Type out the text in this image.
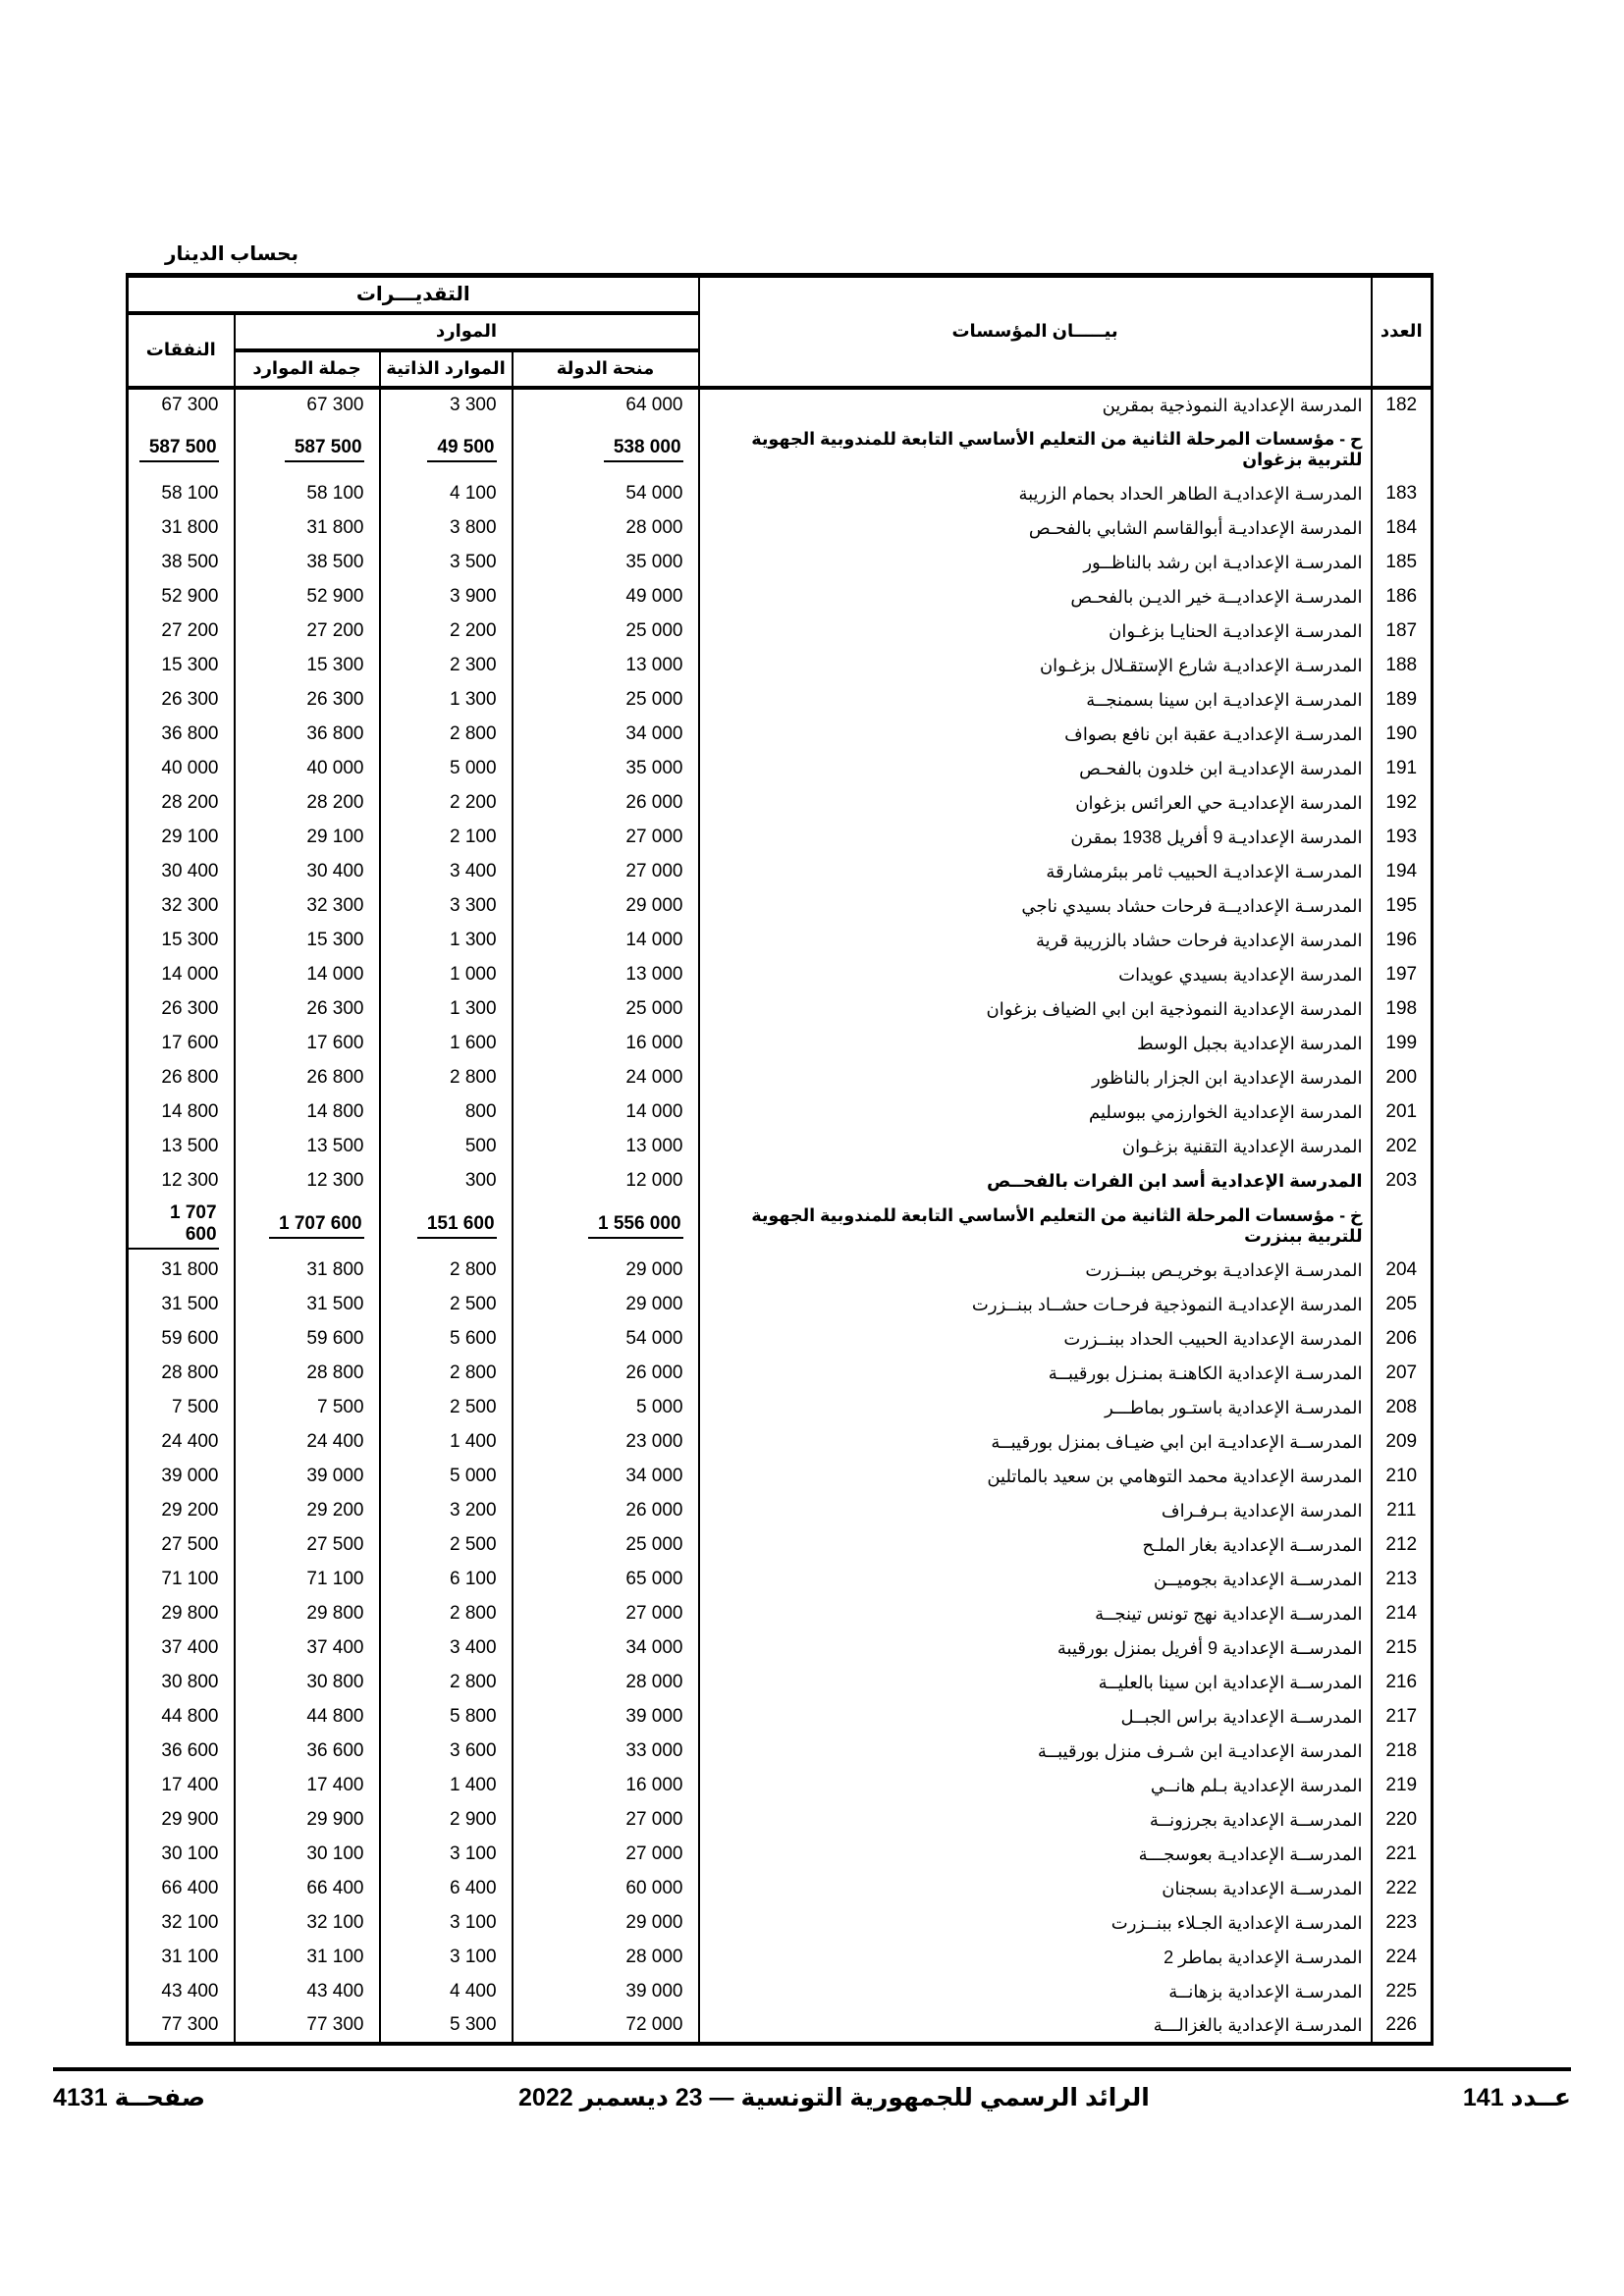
بحساب الدينار
العدد	بيـــــان المؤسسات	التقديـــرات			
		الموارد			النفقات
		منحة الدولة	الموارد الذاتية	جملة الموارد	
182	المدرسة الإعدادية النموذجية بمقرين	64 000	3 300	67 300	67 300
	ح - مؤسسات المرحلة الثانية من التعليم الأساسي التابعة للمندوبية الجهوية للتربية بزغوان	538 000	49 500	587 500	587 500
183	المدرسـة الإعداديـة الطاهر الحداد بحمام الزريبة	54 000	4 100	58 100	58 100
184	المدرسة الإعداديـة أبوالقاسم الشابي بالفحـص	28 000	3 800	31 800	31 800
185	المدرسـة الإعداديـة ابن رشد بالناظــور	35 000	3 500	38 500	38 500
186	المدرسـة الإعداديــة خير الديـن بالفحـص	49 000	3 900	52 900	52 900
187	المدرسـة الإعداديـة الحنايـا بزغـوان	25 000	2 200	27 200	27 200
188	المدرسـة الإعداديـة شارع الإستقـلال بزغـوان	13 000	2 300	15 300	15 300
189	المدرسـة الإعداديـة ابن سينا بسمنجــة	25 000	1 300	26 300	26 300
190	المدرسـة الإعداديـة عقبة ابن نافع بصواف	34 000	2 800	36 800	36 800
191	المدرسة الإعداديـة ابن خلدون بالفحـص	35 000	5 000	40 000	40 000
192	المدرسة الإعداديـة حي العرائس بزغوان	26 000	2 200	28 200	28 200
193	المدرسة الإعداديـة 9 أفريل 1938 بمقرن	27 000	2 100	29 100	29 100
194	المدرسـة الإعداديـة الحبيب ثامر ببئرمشارقة	27 000	3 400	30 400	30 400
195	المدرسـة الإعداديــة فرحات حشاد بسيدي ناجي	29 000	3 300	32 300	32 300
196	المدرسة الإعدادية فرحات حشاد بالزريبة قرية	14 000	1 300	15 300	15 300
197	المدرسة الإعدادية بسيدي عويدات	13 000	1 000	14 000	14 000
198	المدرسة الإعدادية النموذجية ابن ابي الضياف بزغوان	25 000	1 300	26 300	26 300
199	المدرسة الإعدادية بجبل الوسط	16 000	1 600	17 600	17 600
200	المدرسة الإعدادية ابن الجزار بالناظور	24 000	2 800	26 800	26 800
201	المدرسة الإعدادية الخوارزمي ببوسليم	14 000	800	14 800	14 800
202	المدرسة الإعدادية التقنية بزغـوان	13 000	500	13 500	13 500
203	المدرسة الإعدادية أسد ابن الفرات بالفحــص	12 000	300	12 300	12 300
	خ - مؤسسات المرحلة الثانية من التعليم الأساسي التابعة للمندوبية الجهوية للتربية ببنزرت	1 556 000	151 600	1 707 600	1 707 600
204	المدرسـة الإعداديـة بوخريـص ببنــزرت	29 000	2 800	31 800	31 800
205	المدرسة الإعداديـة النموذجية فرحـات حشــاد ببنــزرت	29 000	2 500	31 500	31 500
206	المدرسة الإعدادية الحبيب الحداد ببنــزرت	54 000	5 600	59 600	59 600
207	المدرسـة الإعدادية الكاهنـة بمنـزل بورقيبــة	26 000	2 800	28 800	28 800
208	المدرسـة الإعدادية باستـور بماطـــر	5 000	2 500	7 500	7 500
209	المدرســة الإعداديـة ابن ابي ضيـاف بمنزل بورقيبــة	23 000	1 400	24 400	24 400
210	المدرسة الإعدادية محمد التوهامي بن سعيد بالماتلين	34 000	5 000	39 000	39 000
211	المدرسة الإعدادية بـرفـراف	26 000	3 200	29 200	29 200
212	المدرســة الإعدادية بغار الملـح	25 000	2 500	27 500	27 500
213	المدرســة الإعدادية بجوميــن	65 000	6 100	71 100	71 100
214	المدرســة الإعدادية نهج تونس تينجــة	27 000	2 800	29 800	29 800
215	المدرســة الإعدادية 9 أفريل بمنزل بورقيبة	34 000	3 400	37 400	37 400
216	المدرســة الإعدادية ابن سينا بالعليــة	28 000	2 800	30 800	30 800
217	المدرســة الإعدادية براس الجبــل	39 000	5 800	44 800	44 800
218	المدرسة الإعداديـة ابن شـرف منزل بورقيبــة	33 000	3 600	36 600	36 600
219	المدرسة الإعدادية بـلم هانــي	16 000	1 400	17 400	17 400
220	المدرســة الإعدادية بجرزونــة	27 000	2 900	29 900	29 900
221	المدرســة الإعداديـة بعوسجـــة	27 000	3 100	30 100	30 100
222	المدرســة الإعدادية بسجنان	60 000	6 400	66 400	66 400
223	المدرسـة الإعدادية الجـلاء ببنــزرت	29 000	3 100	32 100	32 100
224	المدرسـة الإعدادية بماطر 2	28 000	3 100	31 100	31 100
225	المدرسـة الإعدادية بزهانــة	39 000	4 400	43 400	43 400
226	المدرسـة الإعدادية بالغزالـــة	72 000	5 300	77 300	77 300
عــدد 141
الرائد الرسمي للجمهورية التونسية — 23 ديسمبر 2022
صفحــة 4131
